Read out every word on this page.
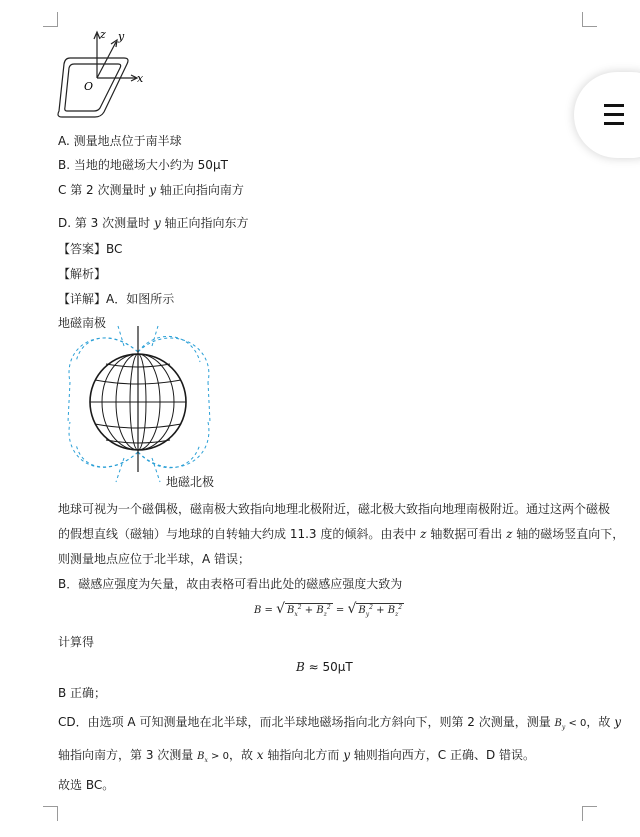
z y
x
O
A. 测量地点位于南半球
B. 当地的地磁场大小约为 50μT
C 第 2 次测量时 y 轴正向指向南方
D. 第 3 次测量时 y 轴正向指向东方
【答案】BC
【解析】
【详解】A．如图所示
地磁南极
地磁北极
地球可视为一个磁偶极，磁南极大致指向地理北极附近，磁北极大致指向地理南极附近。通过这两个磁极
的假想直线（磁轴）与地球的自转轴大约成 11.3 度的倾斜。由表中 z 轴数据可看出 z 轴的磁场竖直向下，
则测量地点应位于北半球，A 错误；
B．磁感应强度为矢量，故由表格可看出此处的磁感应强度大致为
B = √ $B_x^2 + B_z^2$ = √ $B_y^2 + B_z^2$
计算得
B ≈ 50μT
B 正确；
CD．由选项 A 可知测量地在北半球，而北半球地磁场指向北方斜向下，则第 2 次测量，测量 $B_y < 0$，故 y
轴指向南方，第 3 次测量 $B_x > 0$，故 x 轴指向北方而 y 轴则指向西方，C 正确、D 错误。
故选 BC。
